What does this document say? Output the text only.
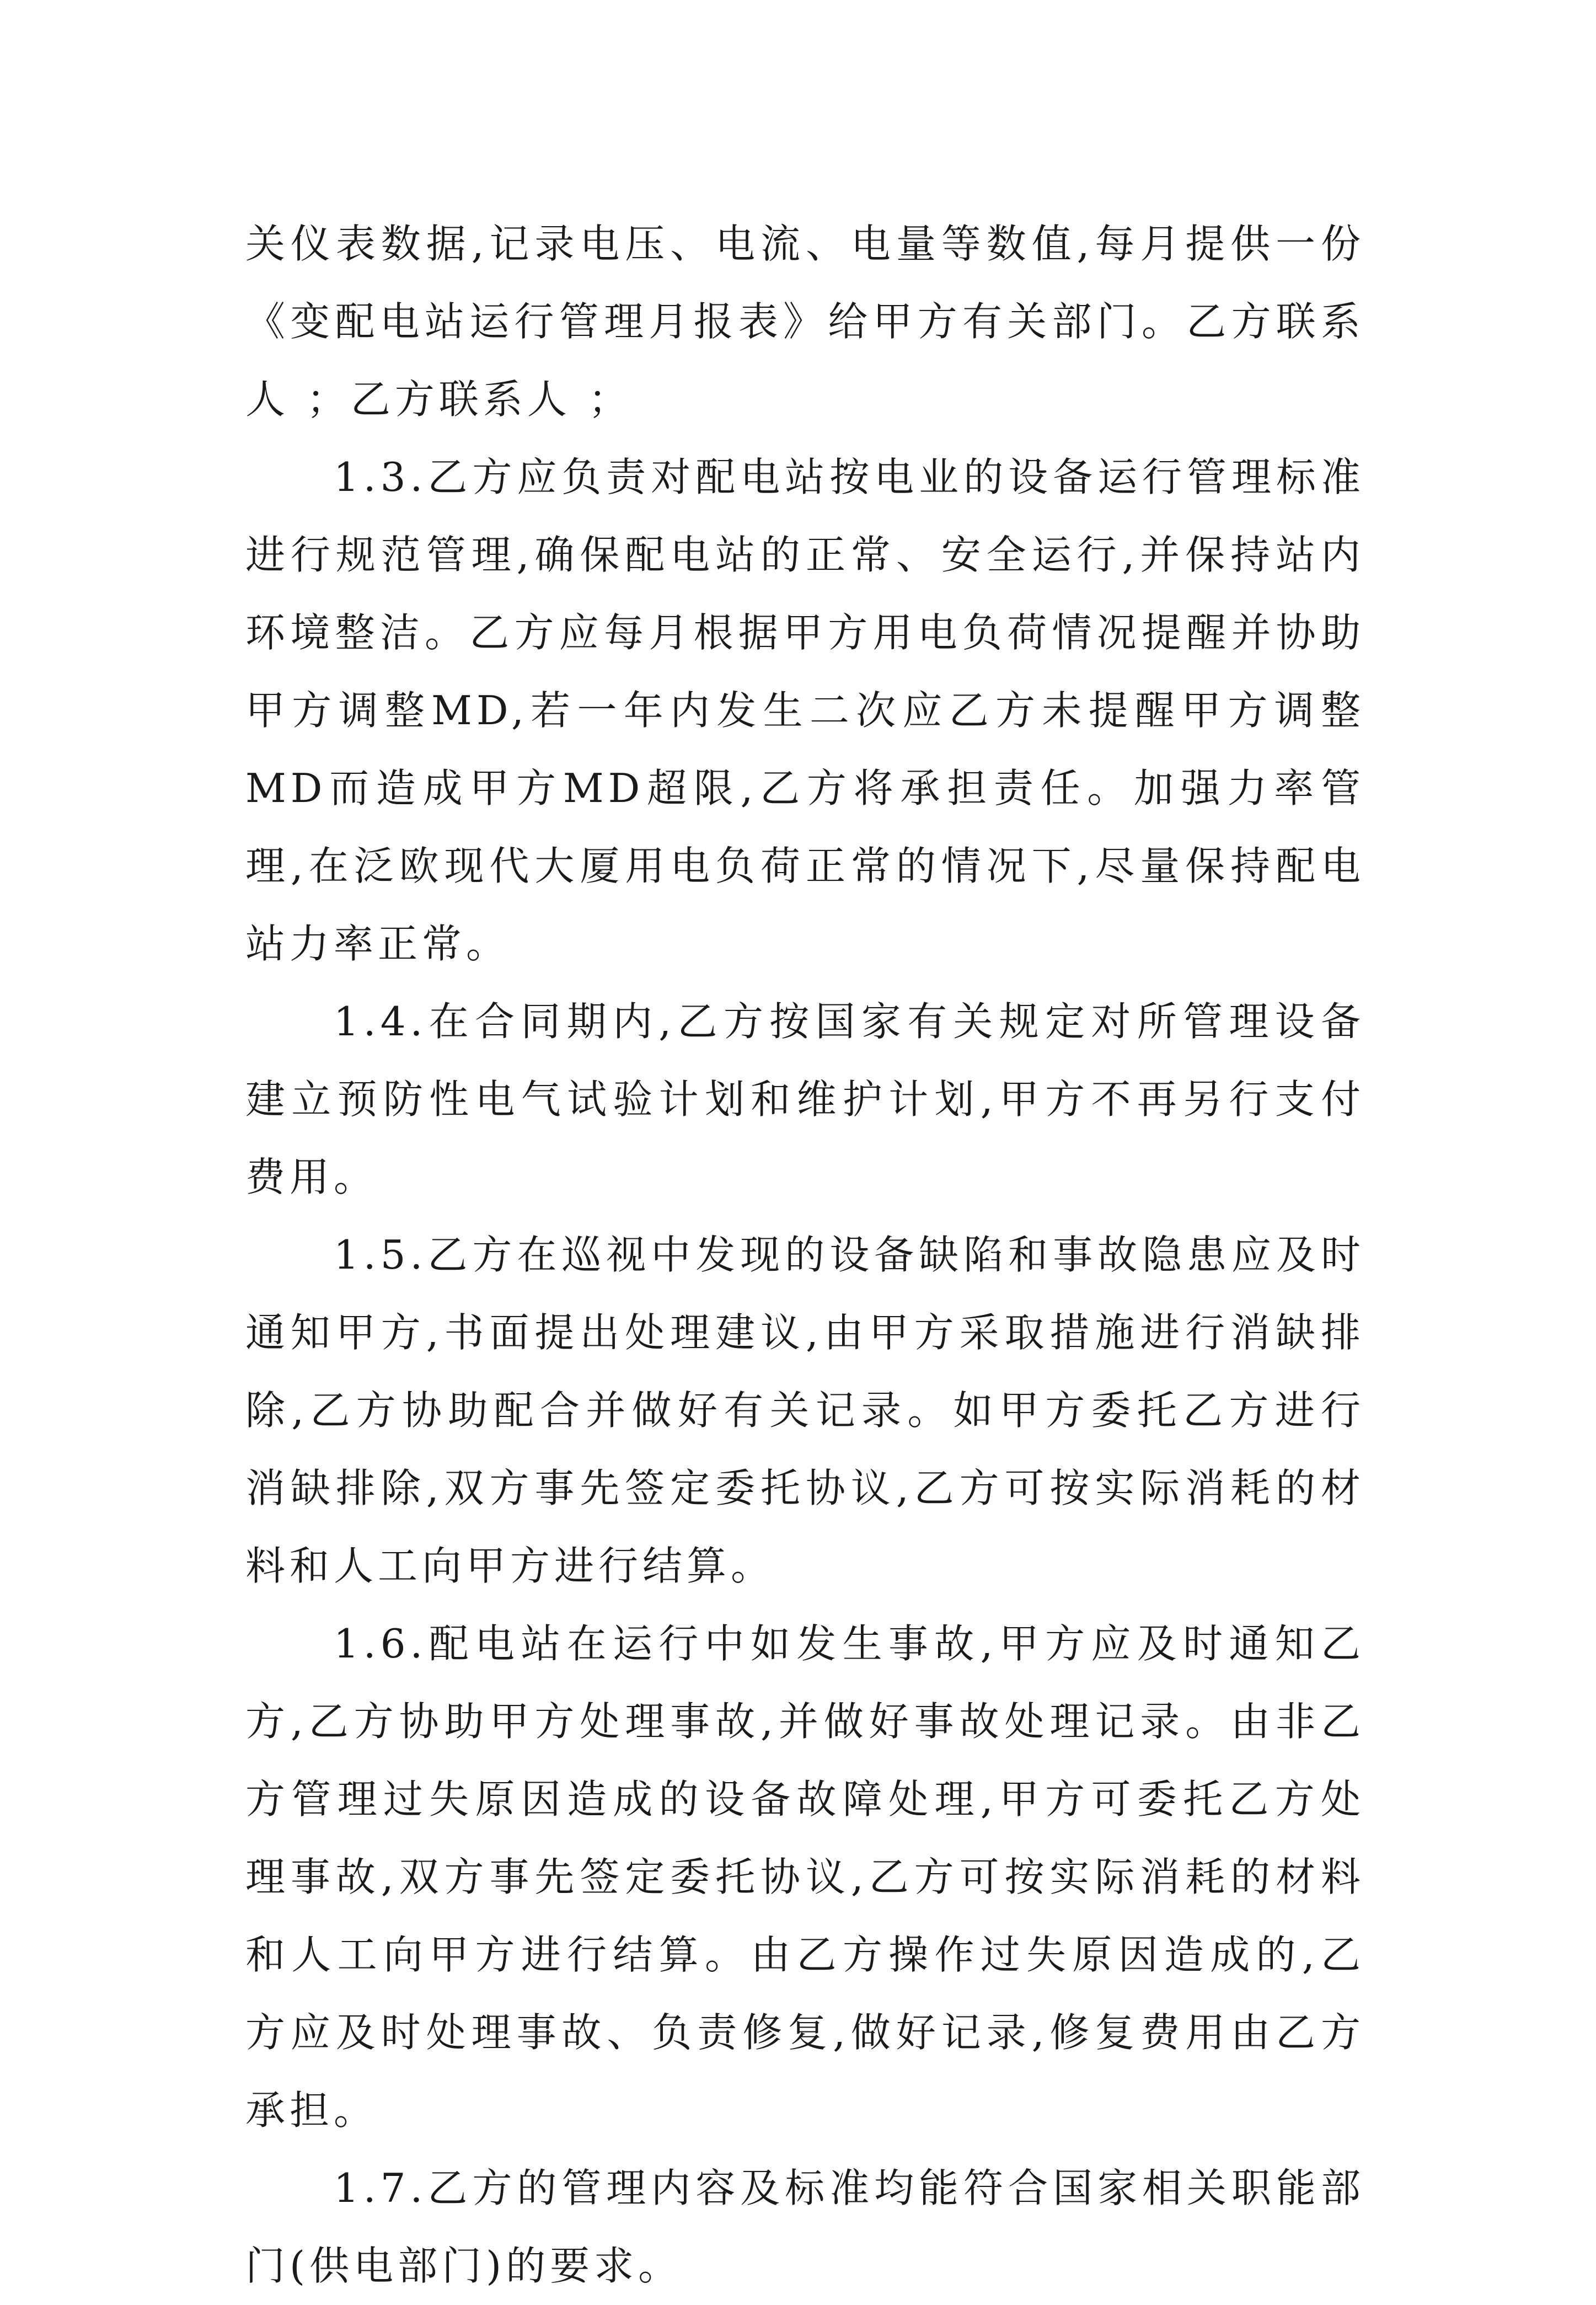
关仪表数据,记录电压、电流、电量等数值,每月提供一份《变配电站运行管理月报表》给甲方有关部门。乙方联系人 ；乙方联系人 ；

1.3.乙方应负责对配电站按电业的设备运行管理标准进行规范管理,确保配电站的正常、安全运行,并保持站内环境整洁。乙方应每月根据甲方用电负荷情况提醒并协助甲方调整MD,若一年内发生二次应乙方未提醒甲方调整MD而造成甲方MD超限,乙方将承担责任。加强力率管理,在泛欧现代大厦用电负荷正常的情况下,尽量保持配电站力率正常。

1.4.在合同期内,乙方按国家有关规定对所管理设备建立预防性电气试验计划和维护计划,甲方不再另行支付费用。

1.5.乙方在巡视中发现的设备缺陷和事故隐患应及时通知甲方,书面提出处理建议,由甲方采取措施进行消缺排除,乙方协助配合并做好有关记录。如甲方委托乙方进行消缺排除,双方事先签定委托协议,乙方可按实际消耗的材料和人工向甲方进行结算。

1.6.配电站在运行中如发生事故,甲方应及时通知乙方,乙方协助甲方处理事故,并做好事故处理记录。由非乙方管理过失原因造成的设备故障处理,甲方可委托乙方处理事故,双方事先签定委托协议,乙方可按实际消耗的材料和人工向甲方进行结算。由乙方操作过失原因造成的,乙方应及时处理事故、负责修复,做好记录,修复费用由乙方承担。

1.7.乙方的管理内容及标准均能符合国家相关职能部门(供电部门)的要求。
